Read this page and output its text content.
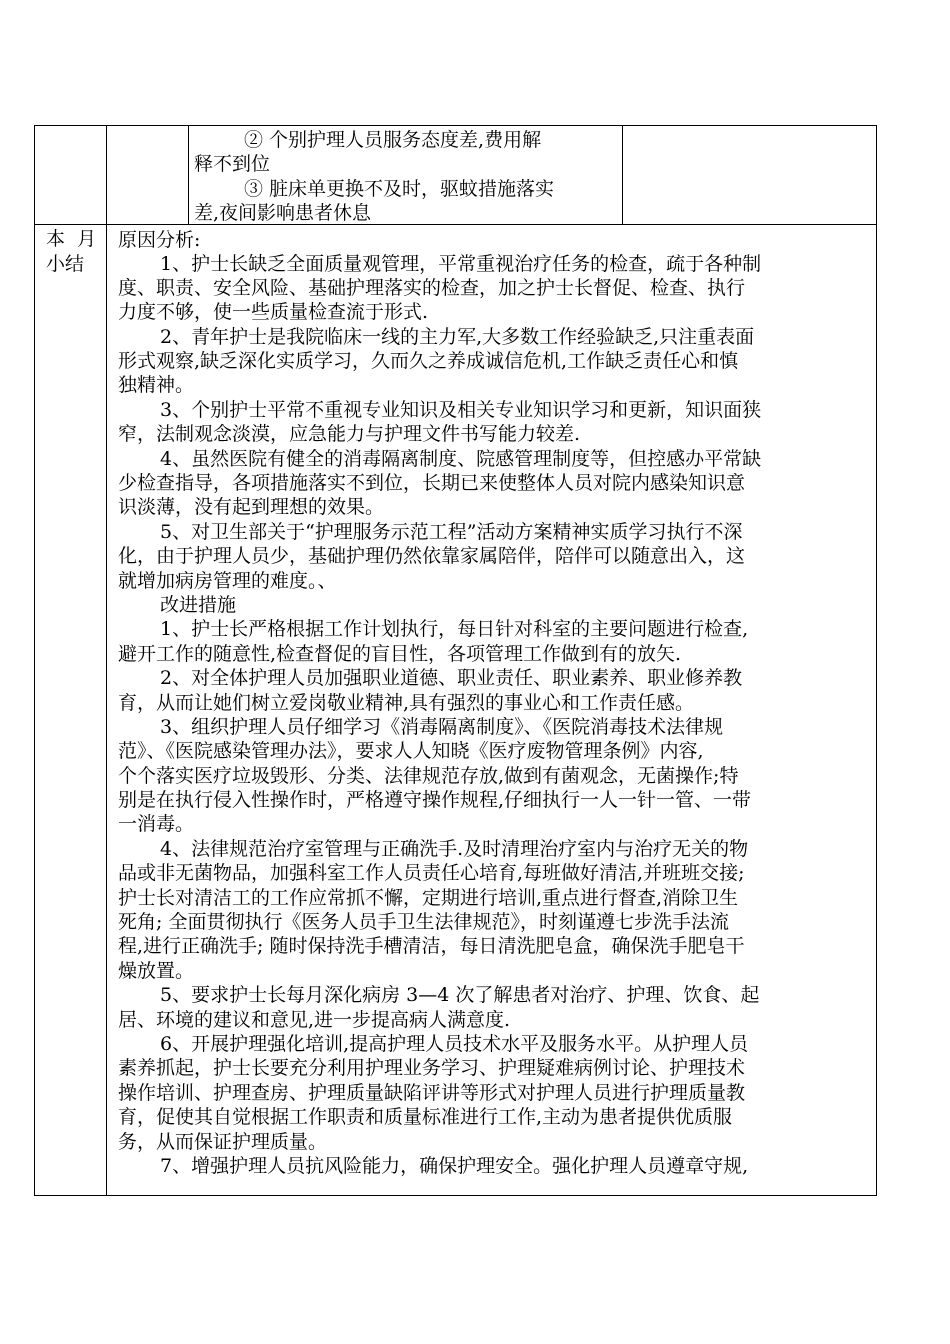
② 个别护理人员服务态度差,费用解
释不到位
③ 脏床单更换不及时，驱蚊措施落实
差,夜间影响患者休息
本  月
小结
原因分析:
1、护士长缺乏全面质量观管理，平常重视治疗任务的检查，疏于各种制
度、职责、安全风险、基础护理落实的检查，加之护士长督促、检查、执行
力度不够，使一些质量检查流于形式.
2、青年护士是我院临床一线的主力军,大多数工作经验缺乏,只注重表面
形式观察,缺乏深化实质学习，久而久之养成诚信危机,工作缺乏责任心和慎
独精神。
3、个别护士平常不重视专业知识及相关专业知识学习和更新，知识面狭
窄，法制观念淡漠，应急能力与护理文件书写能力较差.
4、虽然医院有健全的消毒隔离制度、院感管理制度等，但控感办平常缺
少检查指导，各项措施落实不到位，长期已来使整体人员对院内感染知识意
识淡薄，没有起到理想的效果。
5、对卫生部关于“护理服务示范工程”活动方案精神实质学习执行不深
化，由于护理人员少，基础护理仍然依靠家属陪伴，陪伴可以随意出入，这
就增加病房管理的难度。、
改进措施
1、护士长严格根据工作计划执行，每日针对科室的主要问题进行检查,
避开工作的随意性,检查督促的盲目性，各项管理工作做到有的放矢.
2、对全体护理人员加强职业道德、职业责任、职业素养、职业修养教
育，从而让她们树立爱岗敬业精神,具有强烈的事业心和工作责任感。
3、组织护理人员仔细学习《消毒隔离制度》、《医院消毒技术法律规
范》、《医院感染管理办法》，要求人人知晓《医疗废物管理条例》内容,
个个落实医疗垃圾毁形、分类、法律规范存放,做到有菌观念，无菌操作;特
别是在执行侵入性操作时，严格遵守操作规程,仔细执行一人一针一管、一带
一消毒。
4、法律规范治疗室管理与正确洗手.及时清理治疗室内与治疗无关的物
品或非无菌物品，加强科室工作人员责任心培育,每班做好清洁,并班班交接;
护士长对清洁工的工作应常抓不懈，定期进行培训,重点进行督查,消除卫生
死角; 全面贯彻执行《医务人员手卫生法律规范》，时刻谨遵七步洗手法流
程,进行正确洗手; 随时保持洗手槽清洁，每日清洗肥皂盒，确保洗手肥皂干
燥放置。
5、要求护士长每月深化病房 3—4 次了解患者对治疗、护理、饮食、起
居、环境的建议和意见,进一步提高病人满意度.
6、开展护理强化培训,提高护理人员技术水平及服务水平。从护理人员
素养抓起，护士长要充分利用护理业务学习、护理疑难病例讨论、护理技术
操作培训、护理查房、护理质量缺陷评讲等形式对护理人员进行护理质量教
育，促使其自觉根据工作职责和质量标准进行工作,主动为患者提供优质服
务，从而保证护理质量。
7、增强护理人员抗风险能力，确保护理安全。强化护理人员遵章守规,
